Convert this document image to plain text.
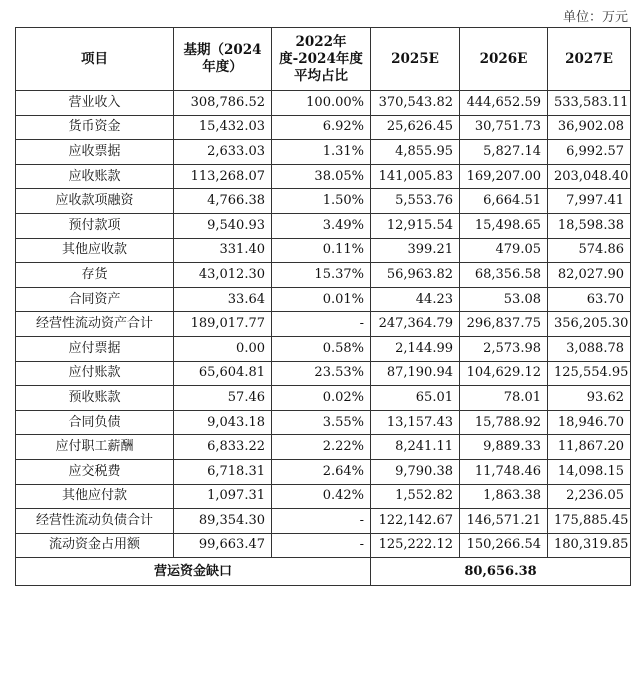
单位：万元
项目	基期（2024年度）	2022年度-2024年度平均占比	2025E	2026E	2027E
营业收入	308,786.52	100.00%	370,543.82	444,652.59	533,583.11
货币资金	15,432.03	6.92%	25,626.45	30,751.73	36,902.08
应收票据	2,633.03	1.31%	4,855.95	5,827.14	6,992.57
应收账款	113,268.07	38.05%	141,005.83	169,207.00	203,048.40
应收款项融资	4,766.38	1.50%	5,553.76	6,664.51	7,997.41
预付款项	9,540.93	3.49%	12,915.54	15,498.65	18,598.38
其他应收款	331.40	0.11%	399.21	479.05	574.86
存货	43,012.30	15.37%	56,963.82	68,356.58	82,027.90
合同资产	33.64	0.01%	44.23	53.08	63.70
经营性流动资产合计	189,017.77	-	247,364.79	296,837.75	356,205.30
应付票据	0.00	0.58%	2,144.99	2,573.98	3,088.78
应付账款	65,604.81	23.53%	87,190.94	104,629.12	125,554.95
预收账款	57.46	0.02%	65.01	78.01	93.62
合同负债	9,043.18	3.55%	13,157.43	15,788.92	18,946.70
应付职工薪酬	6,833.22	2.22%	8,241.11	9,889.33	11,867.20
应交税费	6,718.31	2.64%	9,790.38	11,748.46	14,098.15
其他应付款	1,097.31	0.42%	1,552.82	1,863.38	2,236.05
经营性流动负债合计	89,354.30	-	122,142.67	146,571.21	175,885.45
流动资金占用额	99,663.47	-	125,222.12	150,266.54	180,319.85
营运资金缺口			80,656.38		
